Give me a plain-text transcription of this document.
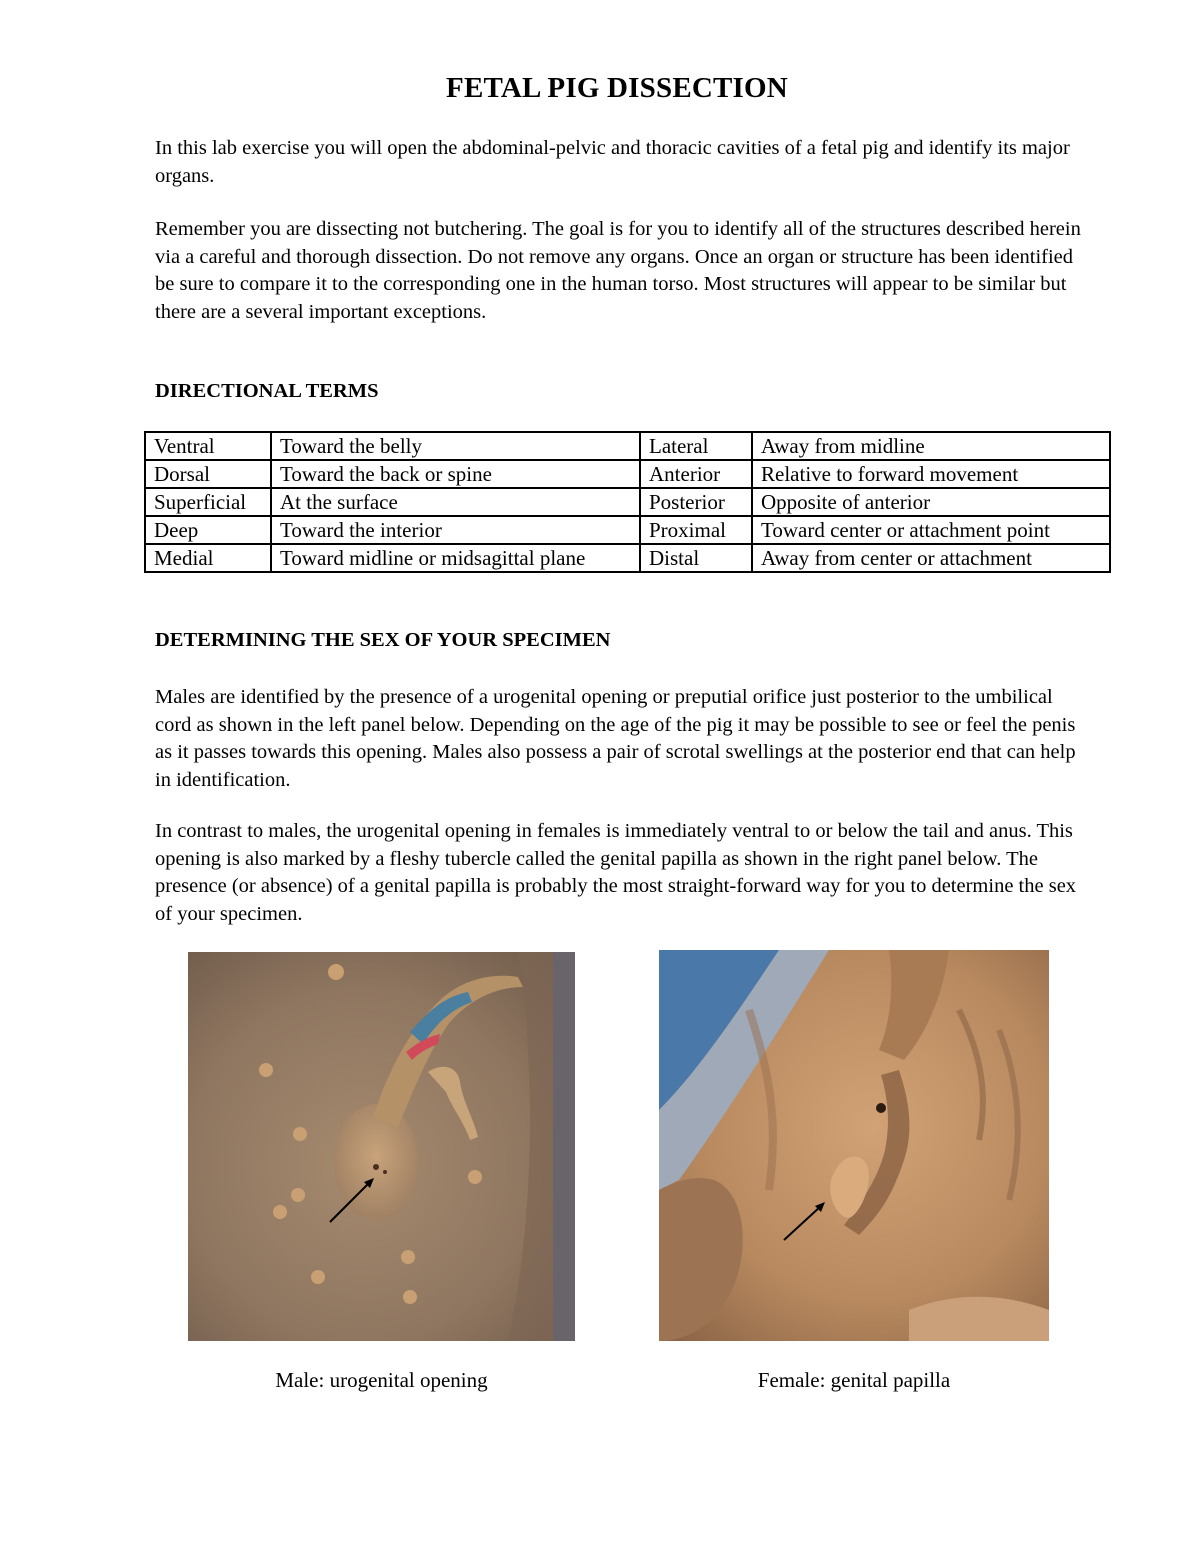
FETAL PIG DISSECTION

In this lab exercise you will open the abdominal-pelvic and thoracic cavities of a fetal pig and identify its major organs.

Remember you are dissecting not butchering. The goal is for you to identify all of the structures described herein via a careful and thorough dissection. Do not remove any organs. Once an organ or structure has been identified be sure to compare it to the corresponding one in the human torso. Most structures will appear to be similar but there are a several important exceptions.

DIRECTIONAL TERMS

Ventral	Toward the belly	Lateral	Away from midline
Dorsal	Toward the back or spine	Anterior	Relative to forward movement
Superficial	At the surface	Posterior	Opposite of anterior
Deep	Toward the interior	Proximal	Toward center or attachment point
Medial	Toward midline or midsagittal plane	Distal	Away from center or attachment

DETERMINING THE SEX OF YOUR SPECIMEN

Males are identified by the presence of a urogenital opening or preputial orifice just posterior to the umbilical cord as shown in the left panel below. Depending on the age of the pig it may be possible to see or feel the penis as it passes towards this opening. Males also possess a pair of scrotal swellings at the posterior end that can help in identification.

In contrast to males, the urogenital opening in females is immediately ventral to or below the tail and anus. This opening is also marked by a fleshy tubercle called the genital papilla as shown in the right panel below. The presence (or absence) of a genital papilla is probably the most straight-forward way for you to determine the sex of your specimen.

Male: urogenital opening	Female: genital papilla
